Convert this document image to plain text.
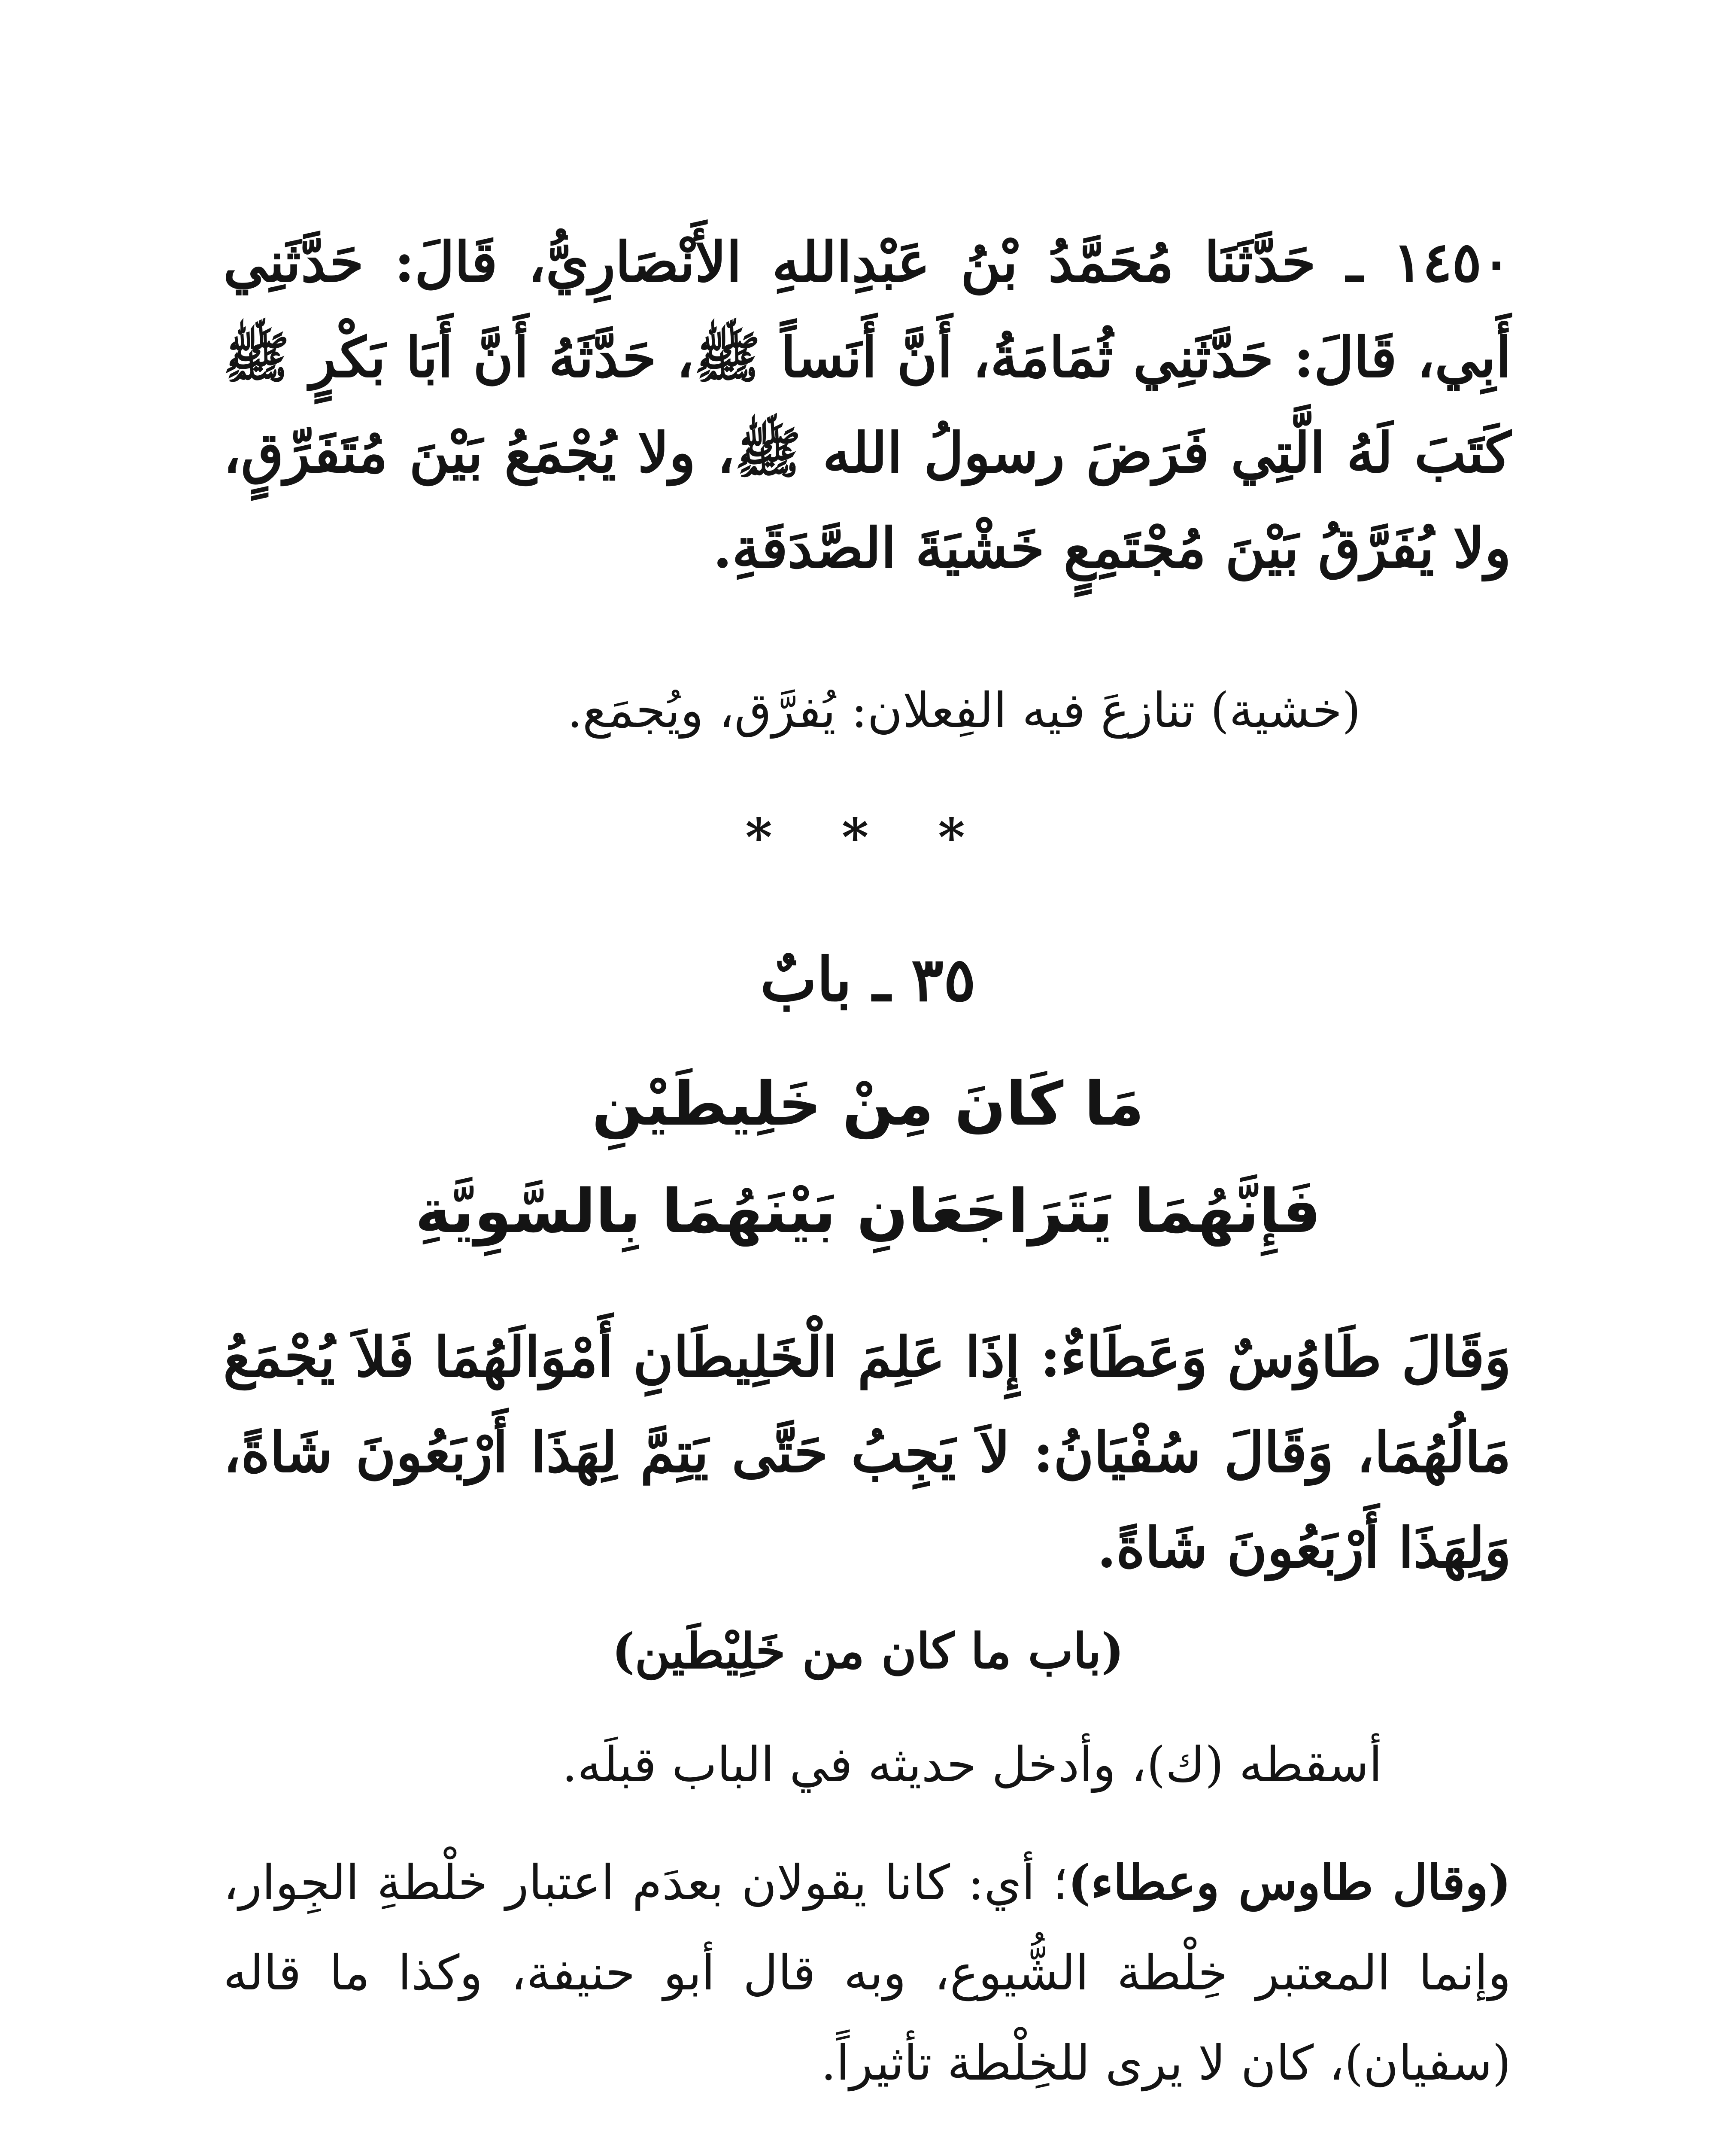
١٤٥٠ ـ حَدَّثَنَا مُحَمَّدُ بْنُ عَبْدِاللهِ الأَنْصَارِيُّ، قَالَ: حَدَّثَنِي أَبِي، قَالَ: حَدَّثَنِي ثُمَامَةُ، أَنَّ أَنَساً ﷺ، حَدَّثَهُ أَنَّ أَبَا بَكْرٍ ﷺ كَتَبَ لَهُ الَّتِي فَرَضَ رسولُ الله ﷺ، ولا يُجْمَعُ بَيْنَ مُتَفَرِّقٍ، ولا يُفَرَّقُ بَيْنَ مُجْتَمِعٍ خَشْيَةَ الصَّدَقَةِ.

(خشية) تنازعَ فيه الفِعلان: يُفرَّق، ويُجمَع.

* * *
٣٥ ـ بابٌ
مَا كَانَ مِنْ خَلِيطَيْنِ
فَإِنَّهُمَا يَتَرَاجَعَانِ بَيْنَهُمَا بِالسَّوِيَّةِ

وَقَالَ طَاوُسٌ وَعَطَاءٌ: إِذَا عَلِمَ الْخَلِيطَانِ أَمْوَالَهُمَا فَلاَ يُجْمَعُ مَالُهُمَا، وَقَالَ سُفْيَانُ: لاَ يَجِبُ حَتَّى يَتِمَّ لِهَذَا أَرْبَعُونَ شَاةً، وَلِهَذَا أَرْبَعُونَ شَاةً.

(باب ما كان من خَلِيْطَين)

أسقطه (ك)، وأدخل حديثه في الباب قبلَه.

(وقال طاوس وعطاء)؛ أي: كانا يقولان بعدَم اعتبار خلْطةِ الجِوار، وإنما المعتبر خِلْطة الشُّيوع، وبه قال أبو حنيفة، وكذا ما قاله (سفيان)، كان لا يرى للخِلْطة تأثيراً.
